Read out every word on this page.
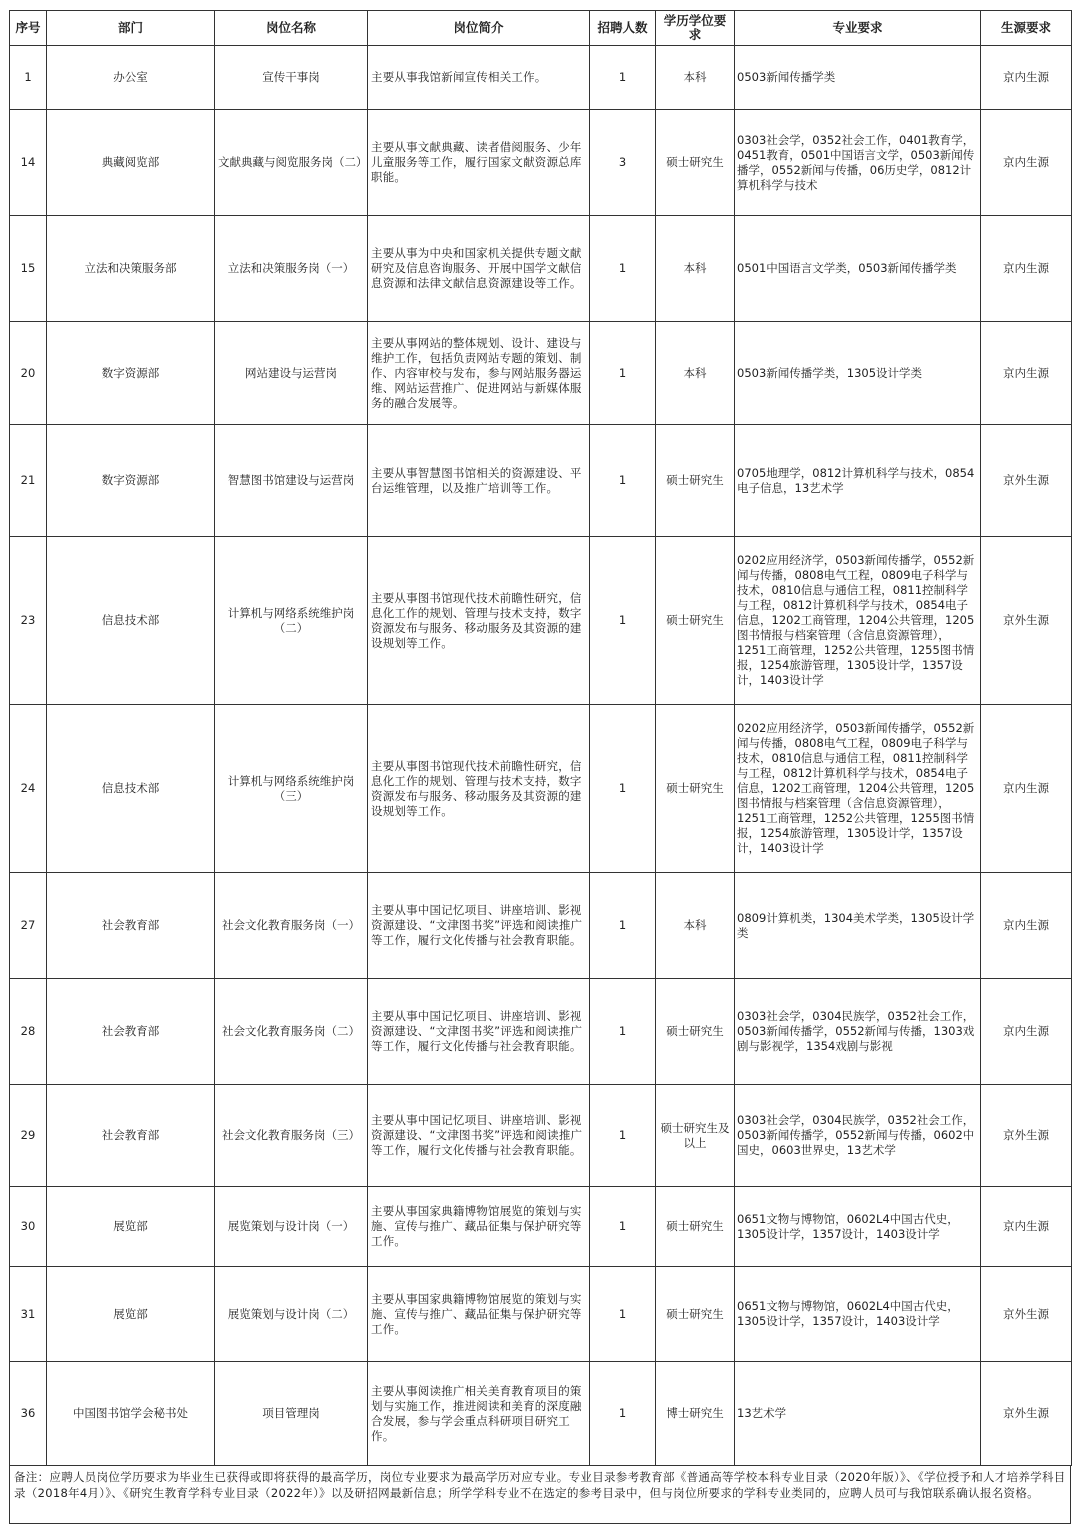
序号	部门	岗位名称	岗位简介	招聘人数	学历学位要求	专业要求	生源要求
1	办公室	宣传干事岗	主要从事我馆新闻宣传相关工作。	1	本科	0503新闻传播学类	京内生源
14	典藏阅览部	文献典藏与阅览服务岗（二）	主要从事文献典藏、读者借阅服务、少年儿童服务等工作，履行国家文献资源总库职能。	3	硕士研究生	0303社会学，0352社会工作，0401教育学，0451教育，0501中国语言文学，0503新闻传播学，0552新闻与传播，06历史学，0812计算机科学与技术	京内生源
15	立法和决策服务部	立法和决策服务岗（一）	主要从事为中央和国家机关提供专题文献研究及信息咨询服务、开展中国学文献信息资源和法律文献信息资源建设等工作。	1	本科	0501中国语言文学类，0503新闻传播学类	京内生源
20	数字资源部	网站建设与运营岗	主要从事网站的整体规划、设计、建设与维护工作，包括负责网站专题的策划、制作、内容审校与发布，参与网站服务器运维、网站运营推广、促进网站与新媒体服务的融合发展等。	1	本科	0503新闻传播学类，1305设计学类	京内生源
21	数字资源部	智慧图书馆建设与运营岗	主要从事智慧图书馆相关的资源建设、平台运维管理，以及推广培训等工作。	1	硕士研究生	0705地理学，0812计算机科学与技术，0854电子信息，13艺术学	京外生源
23	信息技术部	计算机与网络系统维护岗（二）	主要从事图书馆现代技术前瞻性研究，信息化工作的规划、管理与技术支持，数字资源发布与服务、移动服务及其资源的建设规划等工作。	1	硕士研究生	0202应用经济学，0503新闻传播学，0552新闻与传播，0808电气工程，0809电子科学与技术，0810信息与通信工程，0811控制科学与工程，0812计算机科学与技术，0854电子信息，1202工商管理，1204公共管理，1205图书情报与档案管理（含信息资源管理），1251工商管理，1252公共管理，1255图书情报，1254旅游管理，1305设计学，1357设计，1403设计学	京外生源
24	信息技术部	计算机与网络系统维护岗（三）	主要从事图书馆现代技术前瞻性研究，信息化工作的规划、管理与技术支持，数字资源发布与服务、移动服务及其资源的建设规划等工作。	1	硕士研究生	0202应用经济学，0503新闻传播学，0552新闻与传播，0808电气工程，0809电子科学与技术，0810信息与通信工程，0811控制科学与工程，0812计算机科学与技术，0854电子信息，1202工商管理，1204公共管理，1205图书情报与档案管理（含信息资源管理），1251工商管理，1252公共管理，1255图书情报，1254旅游管理，1305设计学，1357设计，1403设计学	京内生源
27	社会教育部	社会文化教育服务岗（一）	主要从事中国记忆项目、讲座培训、影视资源建设、“文津图书奖”评选和阅读推广等工作，履行文化传播与社会教育职能。	1	本科	0809计算机类，1304美术学类，1305设计学类	京内生源
28	社会教育部	社会文化教育服务岗（二）	主要从事中国记忆项目、讲座培训、影视资源建设、“文津图书奖”评选和阅读推广等工作，履行文化传播与社会教育职能。	1	硕士研究生	0303社会学，0304民族学，0352社会工作，0503新闻传播学，0552新闻与传播，1303戏剧与影视学，1354戏剧与影视	京内生源
29	社会教育部	社会文化教育服务岗（三）	主要从事中国记忆项目、讲座培训、影视资源建设、“文津图书奖”评选和阅读推广等工作，履行文化传播与社会教育职能。	1	硕士研究生及以上	0303社会学，0304民族学，0352社会工作，0503新闻传播学，0552新闻与传播，0602中国史，0603世界史，13艺术学	京外生源
30	展览部	展览策划与设计岗（一）	主要从事国家典籍博物馆展览的策划与实施、宣传与推广、藏品征集与保护研究等工作。	1	硕士研究生	0651文物与博物馆，0602L4中国古代史，1305设计学，1357设计，1403设计学	京内生源
31	展览部	展览策划与设计岗（二）	主要从事国家典籍博物馆展览的策划与实施、宣传与推广、藏品征集与保护研究等工作。	1	硕士研究生	0651文物与博物馆，0602L4中国古代史，1305设计学，1357设计，1403设计学	京外生源
36	中国图书馆学会秘书处	项目管理岗	主要从事阅读推广相关美育教育项目的策划与实施工作，推进阅读和美育的深度融合发展，参与学会重点科研项目研究工作。	1	博士研究生	13艺术学	京外生源
备注：应聘人员岗位学历要求为毕业生已获得或即将获得的最高学历，岗位专业要求为最高学历对应专业。专业目录参考教育部《普通高等学校本科专业目录（2020年版）》、《学位授予和人才培养学科目录（2018年4月）》、《研究生教育学科专业目录（2022年）》以及研招网最新信息；所学学科专业不在选定的参考目录中，但与岗位所要求的学科专业类同的，应聘人员可与我馆联系确认报名资格。
